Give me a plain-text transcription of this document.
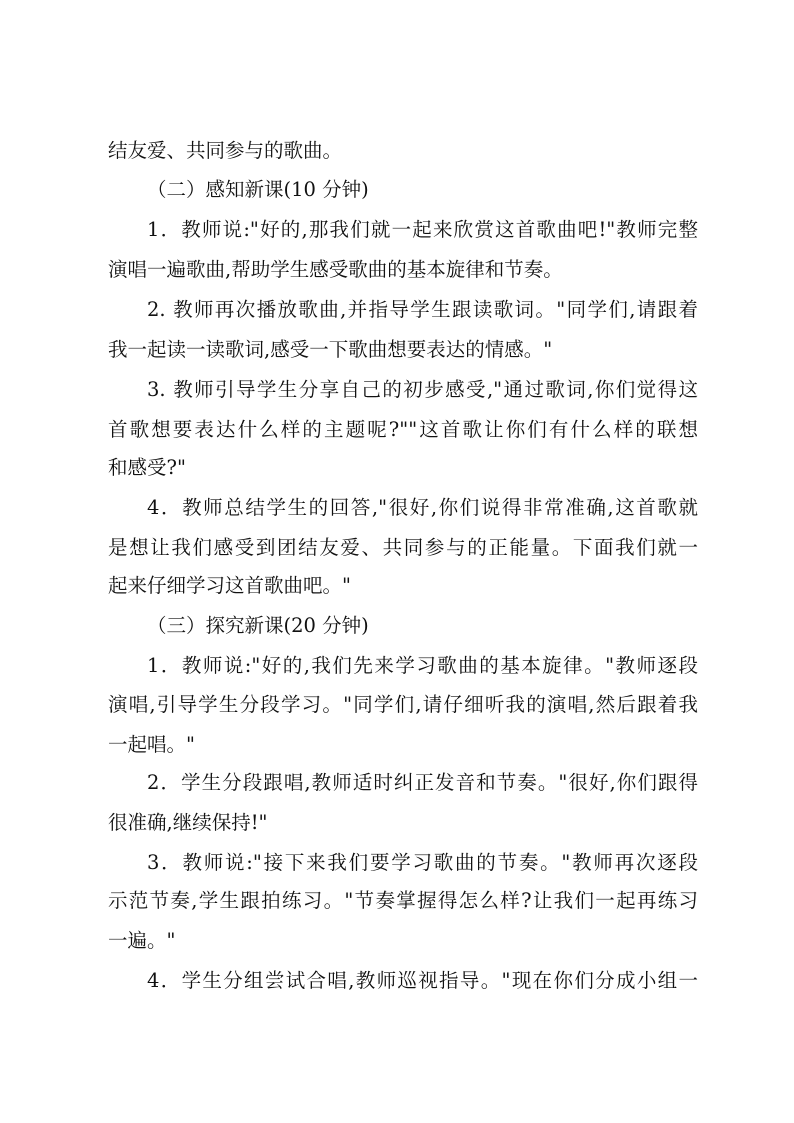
结友爱、共同参与的歌曲。
（二）感知新课(10 分钟)
1．教师说:"好的,那我们就一起来欣赏这首歌曲吧!"教师完整
演唱一遍歌曲,帮助学生感受歌曲的基本旋律和节奏。
2. 教师再次播放歌曲,并指导学生跟读歌词。"同学们,请跟着
我一起读一读歌词,感受一下歌曲想要表达的情感。"
3. 教师引导学生分享自己的初步感受,"通过歌词,你们觉得这
首歌想要表达什么样的主题呢?""这首歌让你们有什么样的联想
和感受?"
4．教师总结学生的回答,"很好,你们说得非常准确,这首歌就
是想让我们感受到团结友爱、共同参与的正能量。下面我们就一
起来仔细学习这首歌曲吧。"
（三）探究新课(20 分钟)
1．教师说:"好的,我们先来学习歌曲的基本旋律。"教师逐段
演唱,引导学生分段学习。"同学们,请仔细听我的演唱,然后跟着我
一起唱。"
2．学生分段跟唱,教师适时纠正发音和节奏。"很好,你们跟得
很准确,继续保持!"
3．教师说:"接下来我们要学习歌曲的节奏。"教师再次逐段
示范节奏,学生跟拍练习。"节奏掌握得怎么样?让我们一起再练习
一遍。"
4．学生分组尝试合唱,教师巡视指导。"现在你们分成小组一
